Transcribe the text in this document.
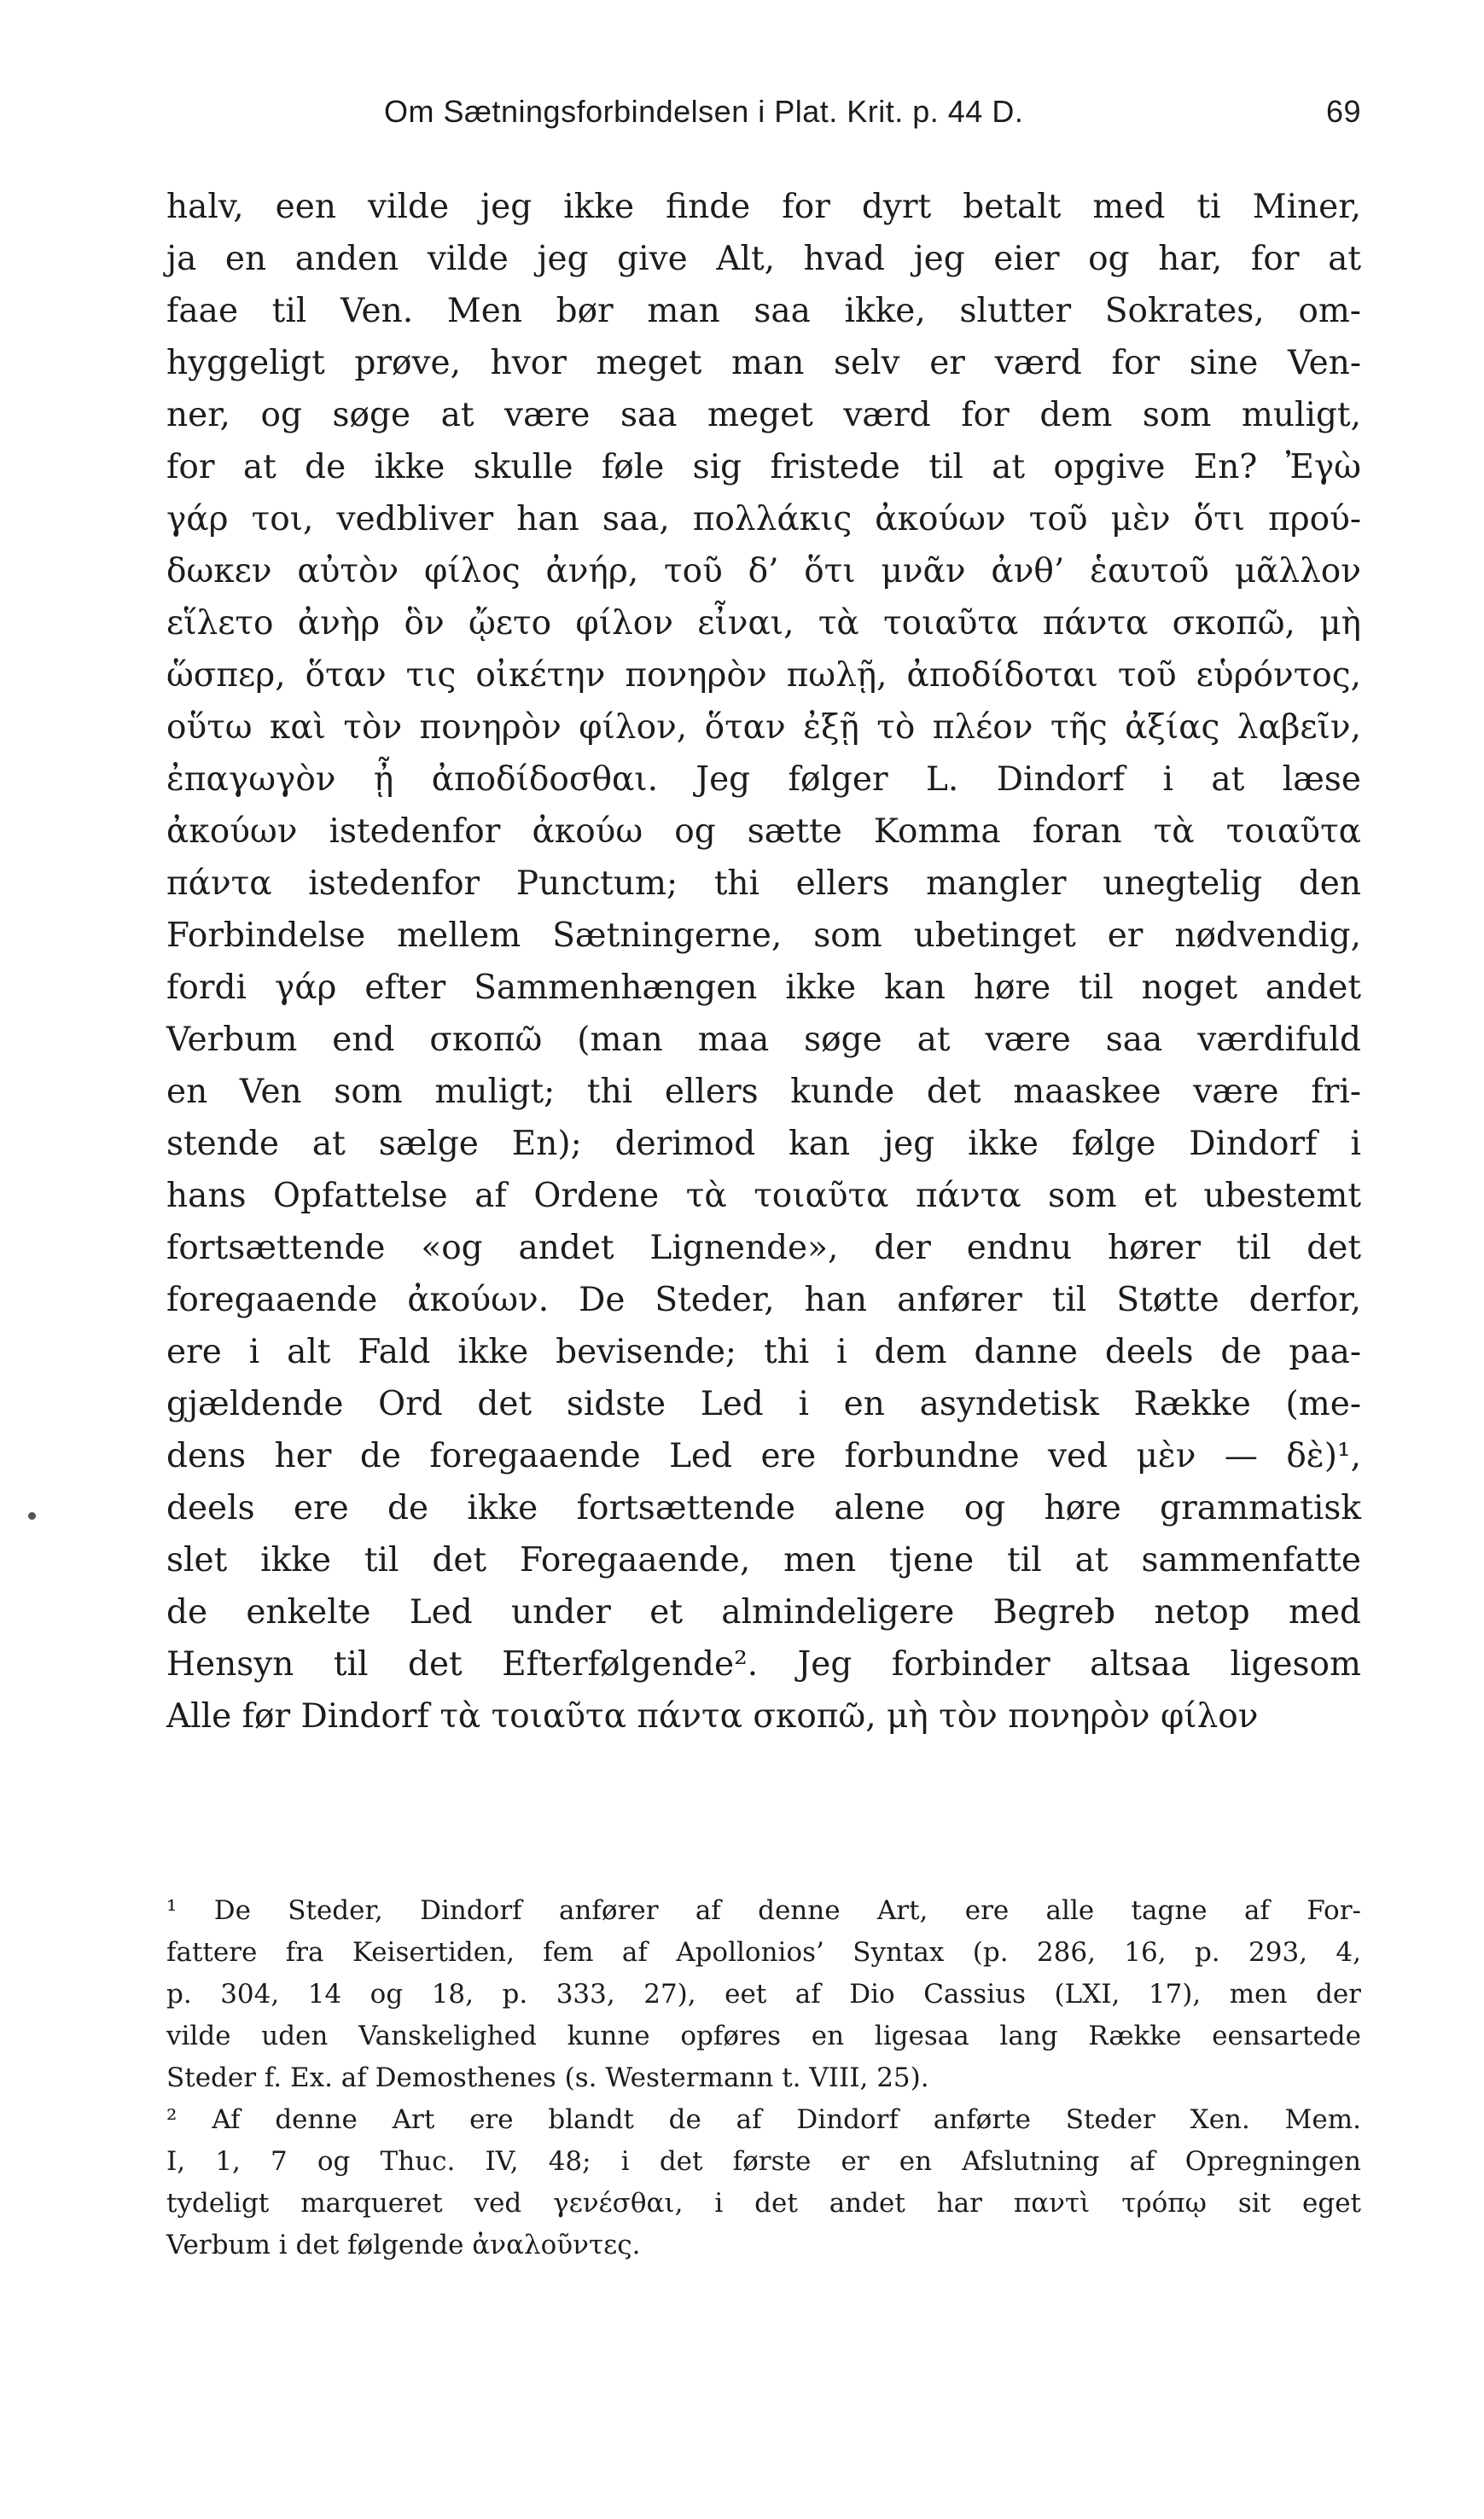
Om Sætningsforbindelsen i Plat. Krit. p. 44 D.	69
halv, een vilde jeg ikke finde for dyrt betalt med ti Miner,
ja en anden vilde jeg give Alt, hvad jeg eier og har, for at
faae til Ven. Men bør man saa ikke, slutter Sokrates, om-
hyggeligt prøve, hvor meget man selv er værd for sine Ven-
ner, og søge at være saa meget værd for dem som muligt,
for at de ikke skulle føle sig fristede til at opgive En? Ἐγὼ
γάρ τοι, vedbliver han saa, πολλάκις ἀκούων τοῦ μὲν ὅτι πρού-
δωκεν αὐτὸν φίλος ἀνήρ, τοῦ δ’ ὅτι μνᾶν ἀνθ’ ἑαυτοῦ μᾶλλον
εἵλετο ἀνὴρ ὃν ᾤετο φίλον εἶναι, τὰ τοιαῦτα πάντα σκοπῶ, μὴ
ὥσπερ, ὅταν τις οἰκέτην πονηρὸν πωλῇ, ἀποδίδοται τοῦ εὑρόντος,
οὕτω καὶ τὸν πονηρὸν φίλον, ὅταν ἐξῇ τὸ πλέον τῆς ἀξίας λαβεῖν,
ἐπαγωγὸν ᾖ ἀποδίδοσθαι. Jeg følger L. Dindorf i at læse
ἀκούων istedenfor ἀκούω og sætte Komma foran τὰ τοιαῦτα
πάντα istedenfor Punctum; thi ellers mangler unegtelig den
Forbindelse mellem Sætningerne, som ubetinget er nødvendig,
fordi γάρ efter Sammenhængen ikke kan høre til noget andet
Verbum end σκοπῶ (man maa søge at være saa værdifuld
en Ven som muligt; thi ellers kunde det maaskee være fri-
stende at sælge En); derimod kan jeg ikke følge Dindorf i
hans Opfattelse af Ordene τὰ τοιαῦτα πάντα som et ubestemt
fortsættende «og andet Lignende», der endnu hører til det
foregaaende ἀκούων. De Steder, han anfører til Støtte derfor,
ere i alt Fald ikke bevisende; thi i dem danne deels de paa-
gjældende Ord det sidste Led i en asyndetisk Række (me-
dens her de foregaaende Led ere forbundne ved μὲν — δὲ)¹,
deels ere de ikke fortsættende alene og høre grammatisk
slet ikke til det Foregaaende, men tjene til at sammenfatte
de enkelte Led under et almindeligere Begreb netop med
Hensyn til det Efterfølgende². Jeg forbinder altsaa ligesom
Alle før Dindorf τὰ τοιαῦτα πάντα σκοπῶ, μὴ τὸν πονηρὸν φίλον
¹ De Steder, Dindorf anfører af denne Art, ere alle tagne af For-
fattere fra Keisertiden, fem af Apollonios’ Syntax (p. 286, 16, p. 293, 4,
p. 304, 14 og 18, p. 333, 27), eet af Dio Cassius (LXI, 17), men der
vilde uden Vanskelighed kunne opføres en ligesaa lang Række eensartede
Steder f. Ex. af Demosthenes (s. Westermann t. VIII, 25).
² Af denne Art ere blandt de af Dindorf anførte Steder Xen. Mem.
I, 1, 7 og Thuc. IV, 48; i det første er en Afslutning af Opregningen
tydeligt marqueret ved γενέσθαι, i det andet har παντὶ τρόπῳ sit eget
Verbum i det følgende ἀναλοῦντες.
